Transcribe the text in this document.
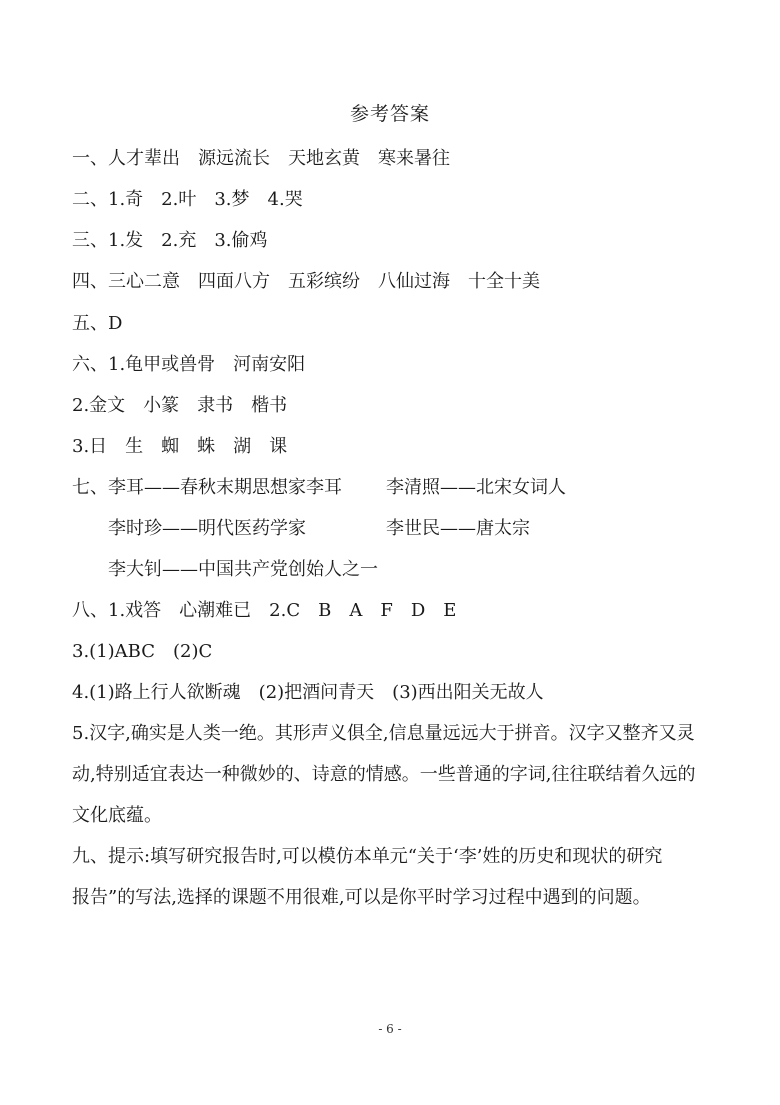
参考答案
一、人才辈出　源远流长　天地玄黄　寒来暑往
二、1.奇　2.叶　3.梦　4.哭
三、1.发　2.充　3.偷鸡
四、三心二意　四面八方　五彩缤纷　八仙过海　十全十美
五、D
六、1.龟甲或兽骨　河南安阳
2.金文　小篆　隶书　楷书
3.日　生　蜘　蛛　湖　课
七、李耳——春秋末期思想家李耳 李清照——北宋女词人
李时珍——明代医药学家	李世民——唐太宗
李大钊——中国共产党创始人之一
八、1.戏答　心潮难已　2.C　B　A　F　D　E
3.(1)ABC　(2)C
4.(1)路上行人欲断魂　(2)把酒问青天　(3)西出阳关无故人
5.汉字,确实是人类一绝。其形声义俱全,信息量远远大于拼音。汉字又整齐又灵
动,特别适宜表达一种微妙的、诗意的情感。一些普通的字词,往往联结着久远的
文化底蕴。
九、提示:填写研究报告时,可以模仿本单元“关于‘李’姓的历史和现状的研究
报告”的写法,选择的课题不用很难,可以是你平时学习过程中遇到的问题。
- 6 -
